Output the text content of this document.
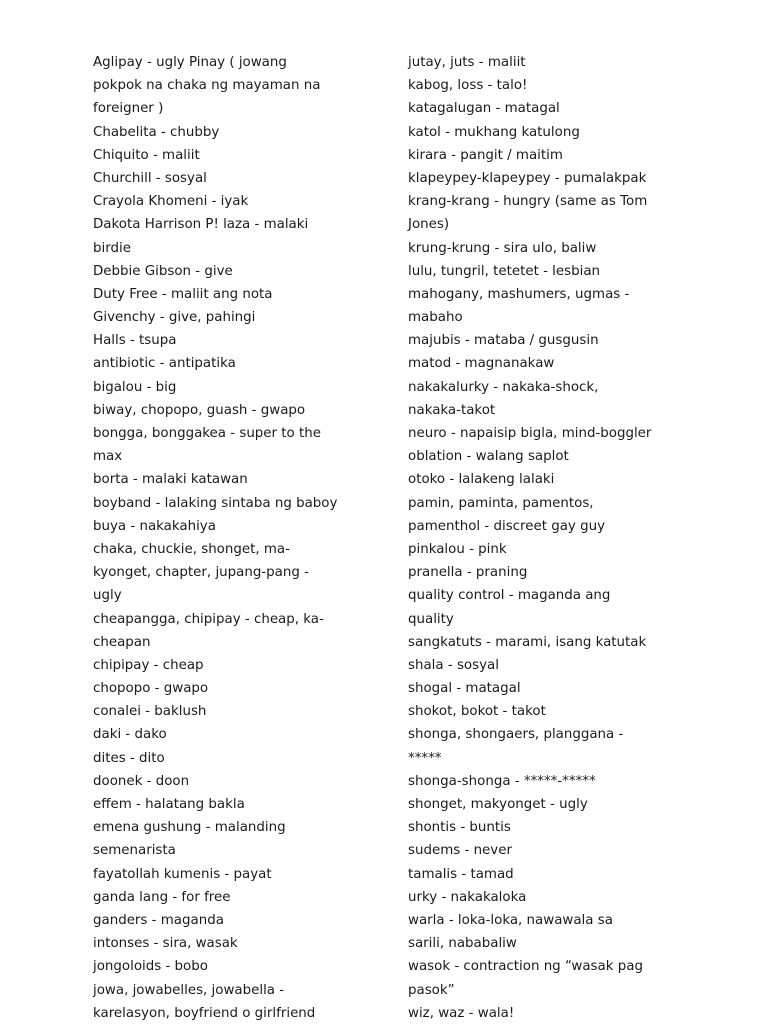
Aglipay - ugly Pinay ( jowang
pokpok na chaka ng mayaman na
foreigner )
Chabelita - chubby
Chiquito - maliit
Churchill - sosyal
Crayola Khomeni - iyak
Dakota Harrison P! laza - malaki
birdie
Debbie Gibson - give
Duty Free - maliit ang nota
Givenchy - give, pahingi
Halls - tsupa
antibiotic - antipatika
bigalou - big
biway, chopopo, guash - gwapo
bongga, bonggakea - super to the
max
borta - malaki katawan
boyband - lalaking sintaba ng baboy
buya - nakakahiya
chaka, chuckie, shonget, ma-
kyonget, chapter, jupang-pang -
ugly
cheapangga, chipipay - cheap, ka-
cheapan
chipipay - cheap
chopopo - gwapo
conalei - baklush
daki - dako
dites - dito
doonek - doon
effem - halatang bakla
emena gushung - malanding
semenarista
fayatollah kumenis - payat
ganda lang - for free
ganders - maganda
intonses - sira, wasak
jongoloids - bobo
jowa, jowabelles, jowabella -
karelasyon, boyfriend o girlfriend
jutay, juts - maliit
kabog, loss - talo!
katagalugan - matagal
katol - mukhang katulong
kirara - pangit / maitim
klapeypey-klapeypey - pumalakpak
krang-krang - hungry (same as Tom
Jones)
krung-krung - sira ulo, baliw
lulu, tungril, tetetet - lesbian
mahogany, mashumers, ugmas -
mabaho
majubis - mataba / gusgusin
matod - magnanakaw
nakakalurky - nakaka-shock,
nakaka-takot
neuro - napaisip bigla, mind-boggler
oblation - walang saplot
otoko - lalakeng lalaki
pamin, paminta, pamentos,
pamenthol - discreet gay guy
pinkalou - pink
pranella - praning
quality control - maganda ang
quality
sangkatuts - marami, isang katutak
shala - sosyal
shogal - matagal
shokot, bokot - takot
shonga, shongaers, planggana -
*****
shonga-shonga - *****-*****
shonget, makyonget - ugly
shontis - buntis
sudems - never
tamalis - tamad
urky - nakakaloka
warla - loka-loka, nawawala sa
sarili, nababaliw
wasok - contraction ng “wasak pag
pasok”
wiz, waz - wala!
